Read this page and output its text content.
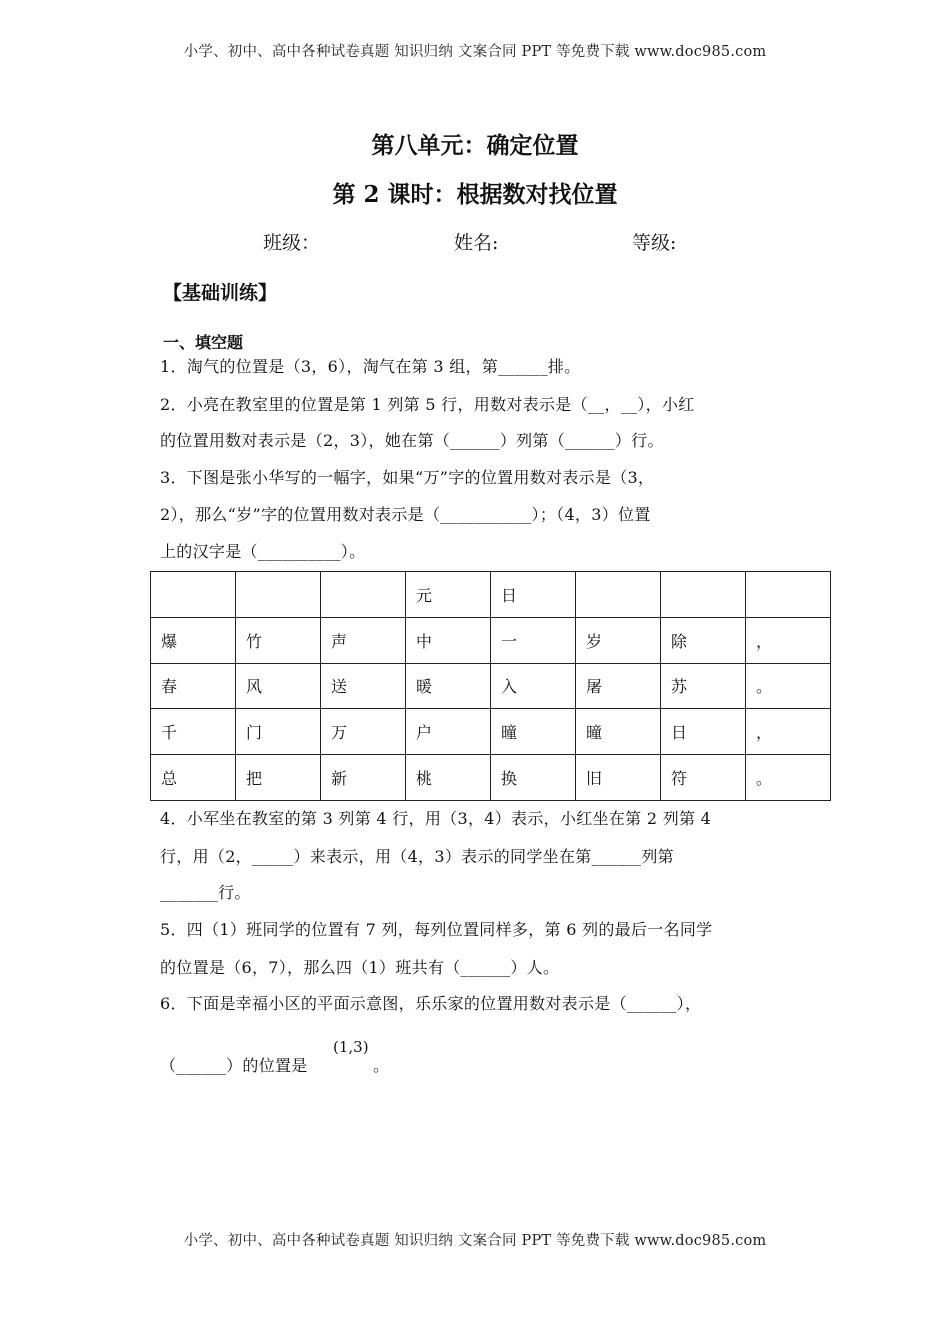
小学、初中、高中各种试卷真题 知识归纳 文案合同 PPT 等免费下载 www.doc985.com
第八单元：确定位置
第 2 课时：根据数对找位置
班级：	姓名:	等级:
【基础训练】
一、填空题
1．淘气的位置是（3，6），淘气在第 3 组，第______排。
2．小亮在教室里的位置是第 1 列第 5 行，用数对表示是（__，__），小红
的位置用数对表示是（2，3），她在第（______）列第（______）行。
3．下图是张小华写的一幅字，如果“万”字的位置用数对表示是（3，
2），那么“岁”字的位置用数对表示是（___________）；（4，3）位置
上的汉字是（__________）。
			元	日			
爆	竹	声	中	一	岁	除	，
春	风	送	暖	入	屠	苏	。
千	门	万	户	曈	曈	日	，
总	把	新	桃	换	旧	符	。
4．小军坐在教室的第 3 列第 4 行，用（3，4）表示，小红坐在第 2 列第 4
行，用（2，_____）来表示，用（4，3）表示的同学坐在第______列第
_______行。
5．四（1）班同学的位置有 7 列，每列位置同样多，第 6 列的最后一名同学
的位置是（6，7），那么四（1）班共有（______）人。
6．下面是幸福小区的平面示意图，乐乐家的位置用数对表示是（______），
（______）的位置是
(1,3)
。
小学、初中、高中各种试卷真题 知识归纳 文案合同 PPT 等免费下载 www.doc985.com
